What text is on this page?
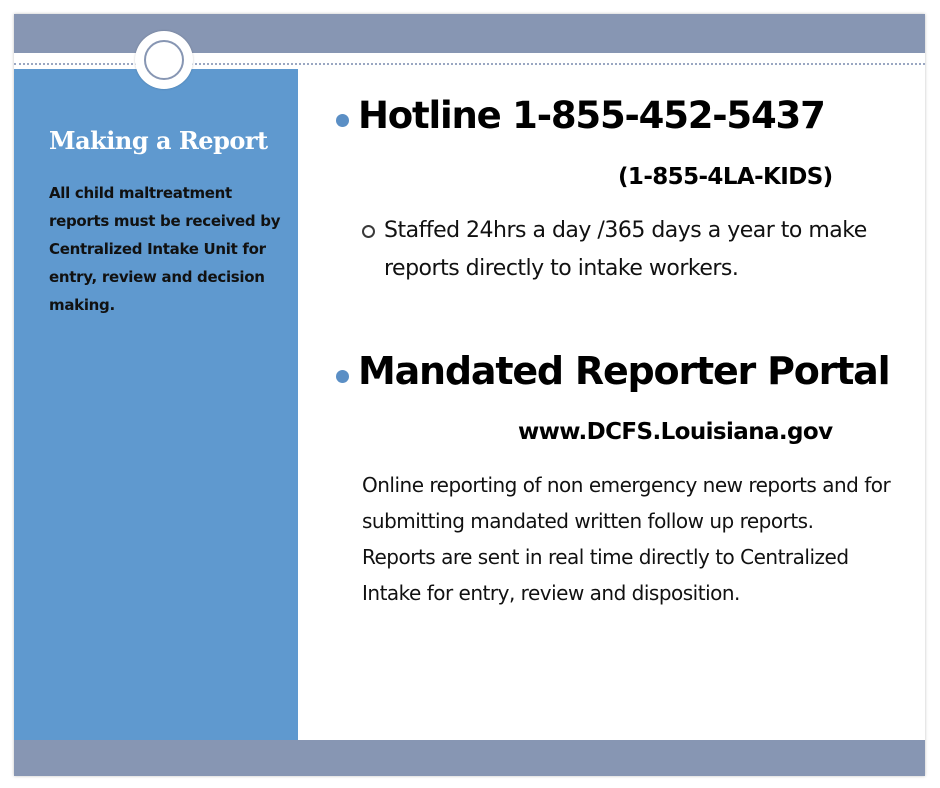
Making a Report

All child maltreatment reports must be received by Centralized Intake Unit for entry, review and decision making.

Hotline 1-855-452-5437

(1-855-4LA-KIDS)

Staffed 24hrs a day /365 days a year to make reports directly to intake workers.

Mandated Reporter Portal

www.DCFS.Louisiana.gov

Online reporting of non emergency new reports and for submitting mandated written follow up reports. Reports are sent in real time directly to Centralized Intake for entry, review and disposition.
